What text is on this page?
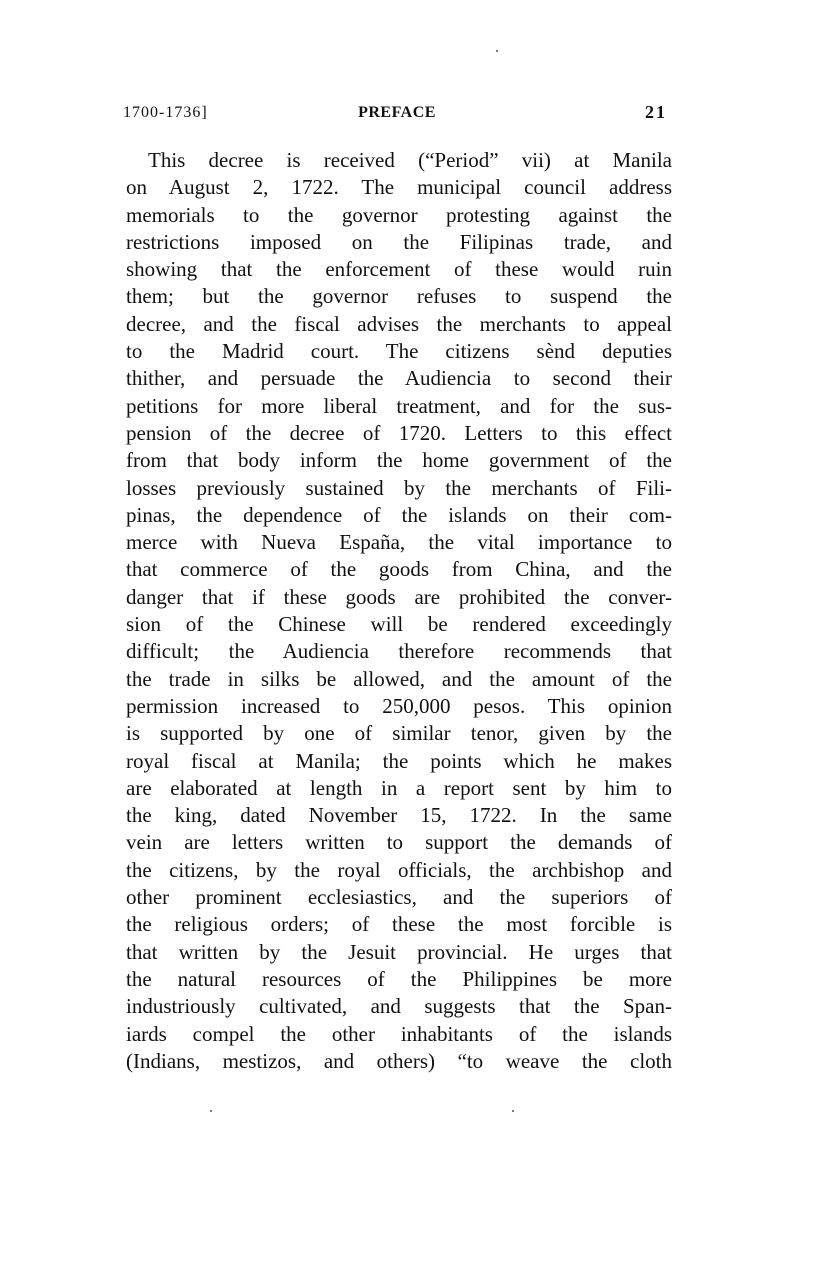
1700-1736]	PREFACE	21
This decree is received (“Period” vii) at Manila
on August 2, 1722. The municipal council address
memorials to the governor protesting against the
restrictions imposed on the Filipinas trade, and
showing that the enforcement of these would ruin
them; but the governor refuses to suspend the
decree, and the fiscal advises the merchants to appeal
to the Madrid court. The citizens sènd deputies
thither, and persuade the Audiencia to second their
petitions for more liberal treatment, and for the sus-
pension of the decree of 1720. Letters to this effect
from that body inform the home government of the
losses previously sustained by the merchants of Fili-
pinas, the dependence of the islands on their com-
merce with Nueva España, the vital importance to
that commerce of the goods from China, and the
danger that if these goods are prohibited the conver-
sion of the Chinese will be rendered exceedingly
difficult; the Audiencia therefore recommends that
the trade in silks be allowed, and the amount of the
permission increased to 250,000 pesos. This opinion
is supported by one of similar tenor, given by the
royal fiscal at Manila; the points which he makes
are elaborated at length in a report sent by him to
the king, dated November 15, 1722. In the same
vein are letters written to support the demands of
the citizens, by the royal officials, the archbishop and
other prominent ecclesiastics, and the superiors of
the religious orders; of these the most forcible is
that written by the Jesuit provincial. He urges that
the natural resources of the Philippines be more
industriously cultivated, and suggests that the Span-
iards compel the other inhabitants of the islands
(Indians, mestizos, and others) “to weave the cloth
